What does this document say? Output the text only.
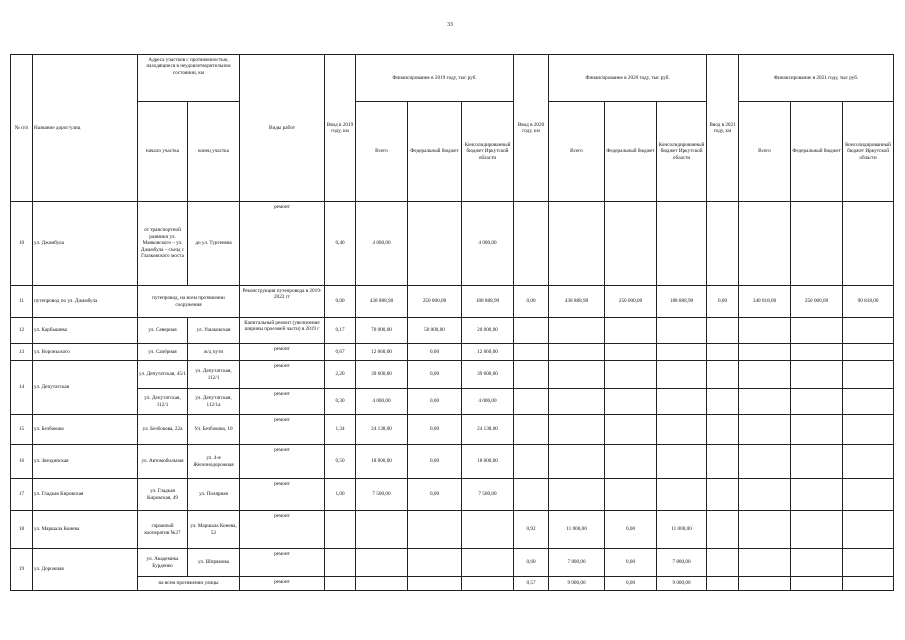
33
№ п/п	Название дорог/улиц	Адреса участков с протяженностью, находящиеся в неудовлетворительном состоянии, км		Виды работ	Ввод в 2019 году, км	Финансирование в 2019 году, тыс руб.			Ввод в 2020 году, км	Финансирование в 2020 году, тыс руб.			Ввод в 2021 году, км	Финансирование в 2021 году, тыс руб.		
		начало участка	конец участка			Всего	Федеральный бюджет	Консолидированный бюджет Иркутской области		Всего	Федеральный бюджет	Консолидированный бюджет Иркутской области		Всего	Федеральный бюджет	Консолидированный бюджет Иркутской области
10	ул. Джамбула	от транспортной развязки ул. Маяковского – ул. Джамбула – съезд с Глазковского моста	до ул. Тургенева	ремонт	0,40	4 000,00		4 000,00								
11	путепровод по ул. Джамбула	путепровод, на всем протяжении сооружения		Реконструкция путепровода в 2019-2022 гг	0,00	438 888,90	250 000,00	188 888,90	0,00	438 888,90	250 000,00	188 888,90	0,00	340 818,00	250 000,00	90 818,00
12	ул. Карбышева	ул. Северная	ул. Ушаковская	Капитальный ремонт (увеличение ширины проезжей части) в 2019 г	0,17	70 000,00	50 000,00	20 000,00								
13	ул. Вороньского	ул. Сапёрная	ж/д пути	ремонт	0,67	12 060,00	0,00	12 060,00								
14	ул. Депутатская	ул. Депутатская, 45/1	ул. Депутатская, 112/1	ремонт	2,20	39 600,00	0,00	39 600,00								
		ул. Депутатская, 112/1	ул. Депутатская, 112/1а	ремонт	0,30	4 000,00	0,00	4 000,00								
15	ул. Безбокова	ул. Безбокова, 22а	Ул. Безбокова, 10	ремонт	1,34	24 138,00	0,00	24 138,00								
16	ул. Звездинская	ул. Автомобильная	ул. 4-я Железнодорожная	ремонт	0,50	18 000,00	0,00	18 000,00								
17	ул. Гладкая Кировская	ул. Гладкая Кировская, 49	ул. Полярная	ремонт	1,00	7 500,00	0,00	7 500,00								
18	ул. Маршала Конева	гаражный кооператив №27	ул. Маршала Конева, 52	ремонт					0,92	11 000,00	0,00	11 000,00				
19	ул. Дорожная	ул. Академика Бурденко	ул. Шпрямова	ремонт					0,60	7 800,00	0,00	7 800,00				
		на всем протяжении улицы		ремонт					0,57	9 000,00	0,00	9 000,00				
